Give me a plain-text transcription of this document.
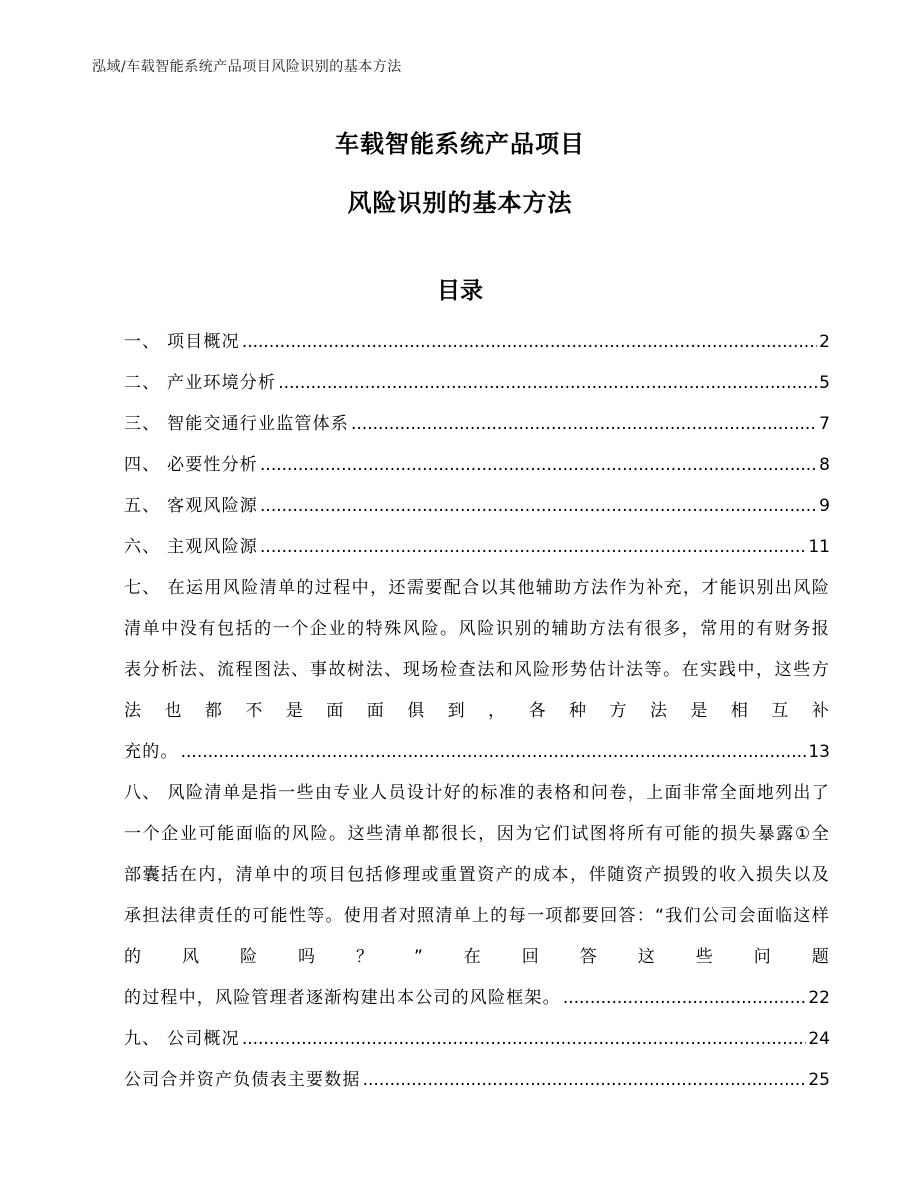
泓域/车载智能系统产品项目风险识别的基本方法
车载智能系统产品项目
风险识别的基本方法
目录
一、 项目概况 .....	2
二、 产业环境分析 .....	5
三、 智能交通行业监管体系 .....	7
四、 必要性分析 .....	8
五、 客观风险源 .....	9
六、 主观风险源 .....	11
七、 在运用风险清单的过程中，还需要配合以其他辅助方法作为补充，才能识别出风险清单中没有包括的一个企业的特殊风险。风险识别的辅助方法有很多，常用的有财务报表分析法、流程图法、事故树法、现场检查法和风险形势估计法等。在实践中，这些方法也都不是面面俱到，各种方法是相互补
充的。 .....	13
八、 风险清单是指一些由专业人员设计好的标准的表格和问卷，上面非常全面地列出了一个企业可能面临的风险。这些清单都很长，因为它们试图将所有可能的损失暴露①全部囊括在内，清单中的项目包括修理或重置资产的成本，伴随资产损毁的收入损失以及承担法律责任的可能性等。使用者对照清单上的每一项都要回答：“我们公司会面临这样的风险吗？”在回答这些问题
的过程中，风险管理者逐渐构建出本公司的风险框架。 .....	22
九、 公司概况 .....	24
公司合并资产负债表主要数据 .....	25
